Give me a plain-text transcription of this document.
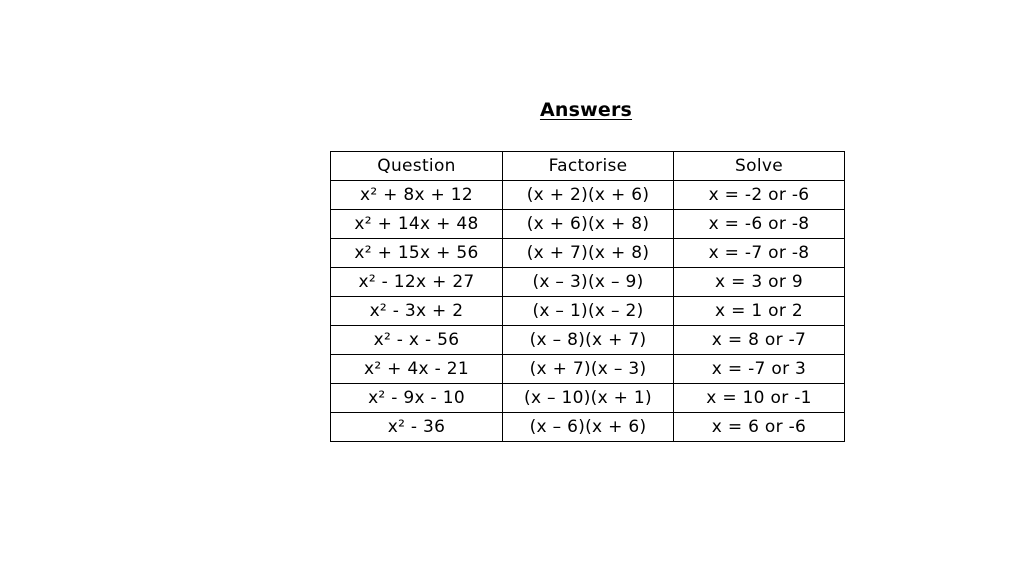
Answers
Question	Factorise	Solve
x² + 8x + 12	(x + 2)(x + 6)	x = -2 or -6
x² + 14x + 48	(x + 6)(x + 8)	x = -6 or -8
x² + 15x + 56	(x + 7)(x + 8)	x = -7 or -8
x² - 12x + 27	(x – 3)(x – 9)	x = 3 or 9
x² - 3x + 2	(x – 1)(x – 2)	x = 1 or 2
x² - x - 56	(x – 8)(x + 7)	x = 8 or -7
x² + 4x - 21	(x + 7)(x – 3)	x = -7 or 3
x² - 9x - 10	(x – 10)(x + 1)	x = 10 or -1
x² - 36	(x – 6)(x + 6)	x = 6 or -6
